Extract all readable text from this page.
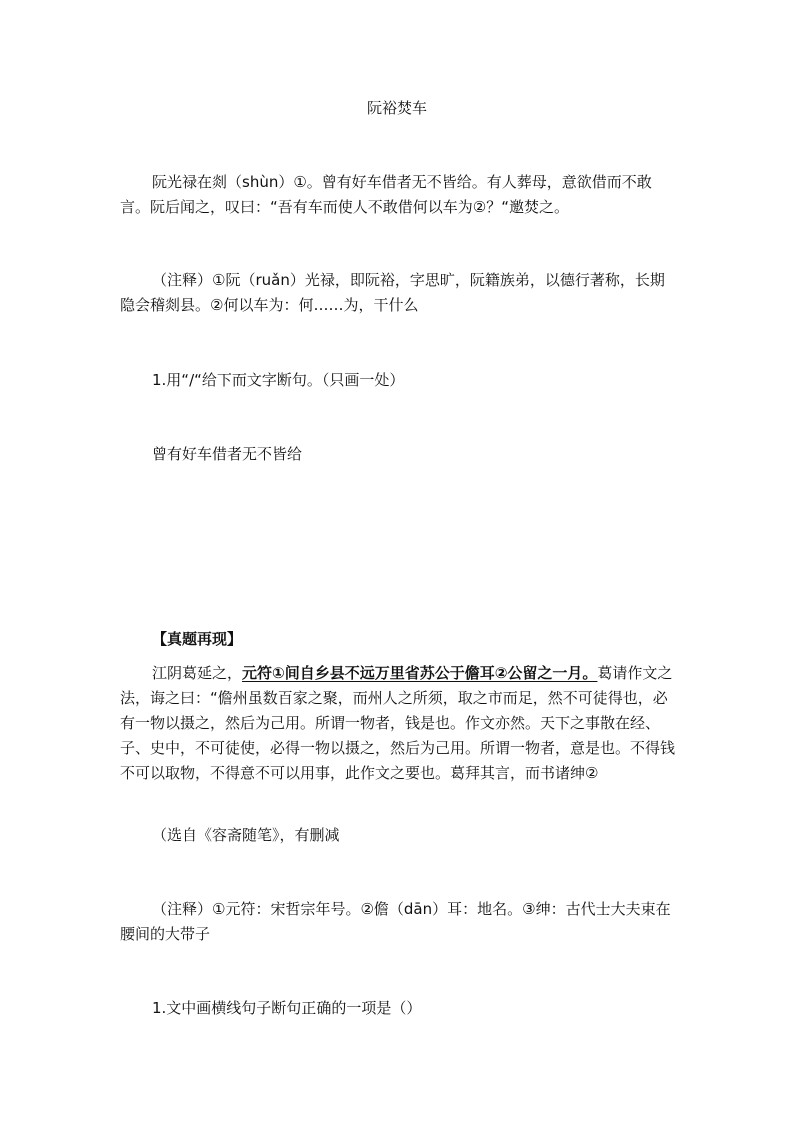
阮裕焚车

阮光禄在剡（shùn）①。曾有好车借者无不皆给。有人葬母，意欲借而不敢言。阮后闻之，叹曰：“吾有车而使人不敢借何以车为②？“邀焚之。

（注释）①阮（ruǎn）光禄，即阮裕，字思旷，阮籍族弟，以德行著称，长期隐会稽剡县。②何以车为：何……为，干什么

1.用“/“给下而文字断句。（只画一处）

曾有好车借者无不皆给

【真题再现】

江阴葛延之，元符①间自乡县不远万里省苏公于儋耳②公留之一月。葛请作文之法，诲之曰：“儋州虽数百家之聚，而州人之所须，取之市而足，然不可徒得也，必有一物以摄之，然后为己用。所谓一物者，钱是也。作文亦然。天下之事散在经、子、史中，不可徒使，必得一物以摄之，然后为己用。所谓一物者，意是也。不得钱不可以取物，不得意不可以用事，此作文之要也。葛拜其言，而书诸绅②

（选自《容斋随笔》，有删减

（注释）①元符：宋哲宗年号。②儋（dān）耳：地名。③绅：古代士大夫束在腰间的大带子

1.文中画横线句子断句正确的一项是（）
